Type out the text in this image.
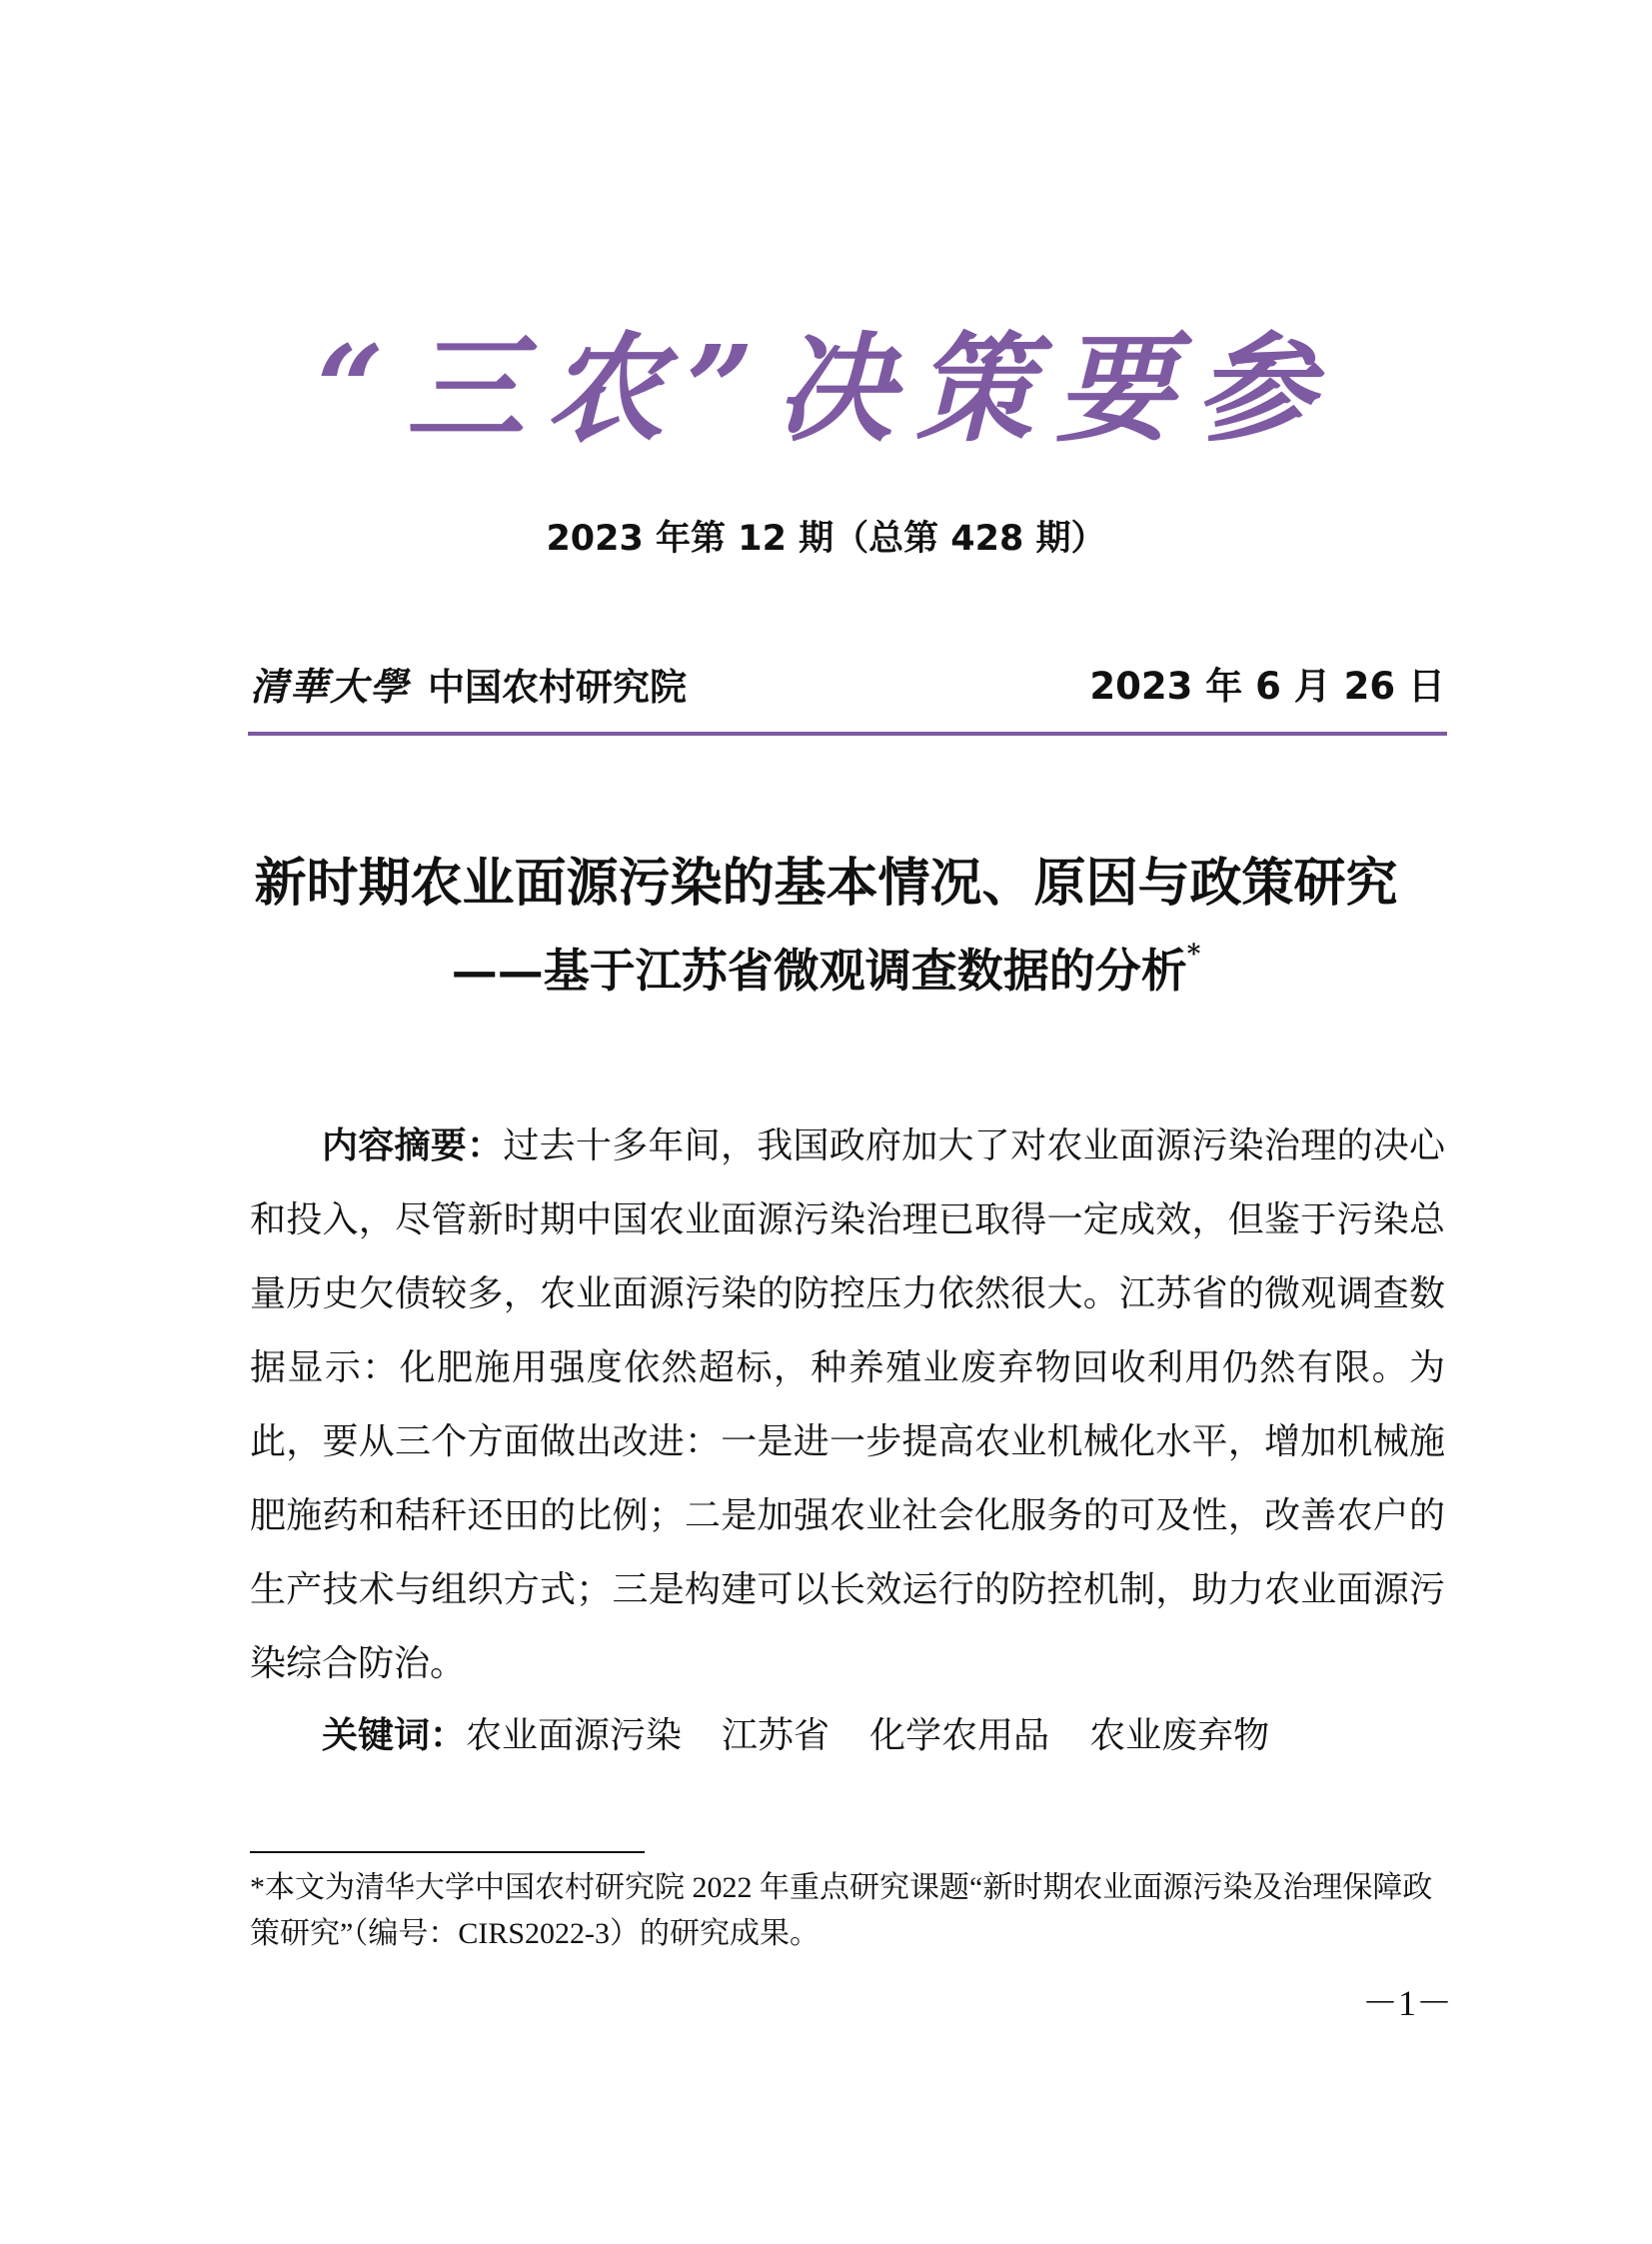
“三农”决策要参
2023 年第 12 期（总第 428 期）
清華大學 中国农村研究院	2023 年 6 月 26 日
新时期农业面源污染的基本情况、原因与政策研究
——基于江苏省微观调查数据的分析*

内容摘要：过去十多年间，我国政府加大了对农业面源污染治理的决心和投入，尽管新时期中国农业面源污染治理已取得一定成效，但鉴于污染总量历史欠债较多，农业面源污染的防控压力依然很大。江苏省的微观调查数据显示：化肥施用强度依然超标，种养殖业废弃物回收利用仍然有限。为此，要从三个方面做出改进：一是进一步提高农业机械化水平，增加机械施肥施药和秸秆还田的比例；二是加强农业社会化服务的可及性，改善农户的生产技术与组织方式；三是构建可以长效运行的防控机制，助力农业面源污染综合防治。

关键词：农业面源污染 江苏省 化学农用品 农业废弃物

*本文为清华大学中国农村研究院 2022 年重点研究课题“新时期农业面源污染及治理保障政策研究”（编号：CIRS2022-3）的研究成果。

－1－
